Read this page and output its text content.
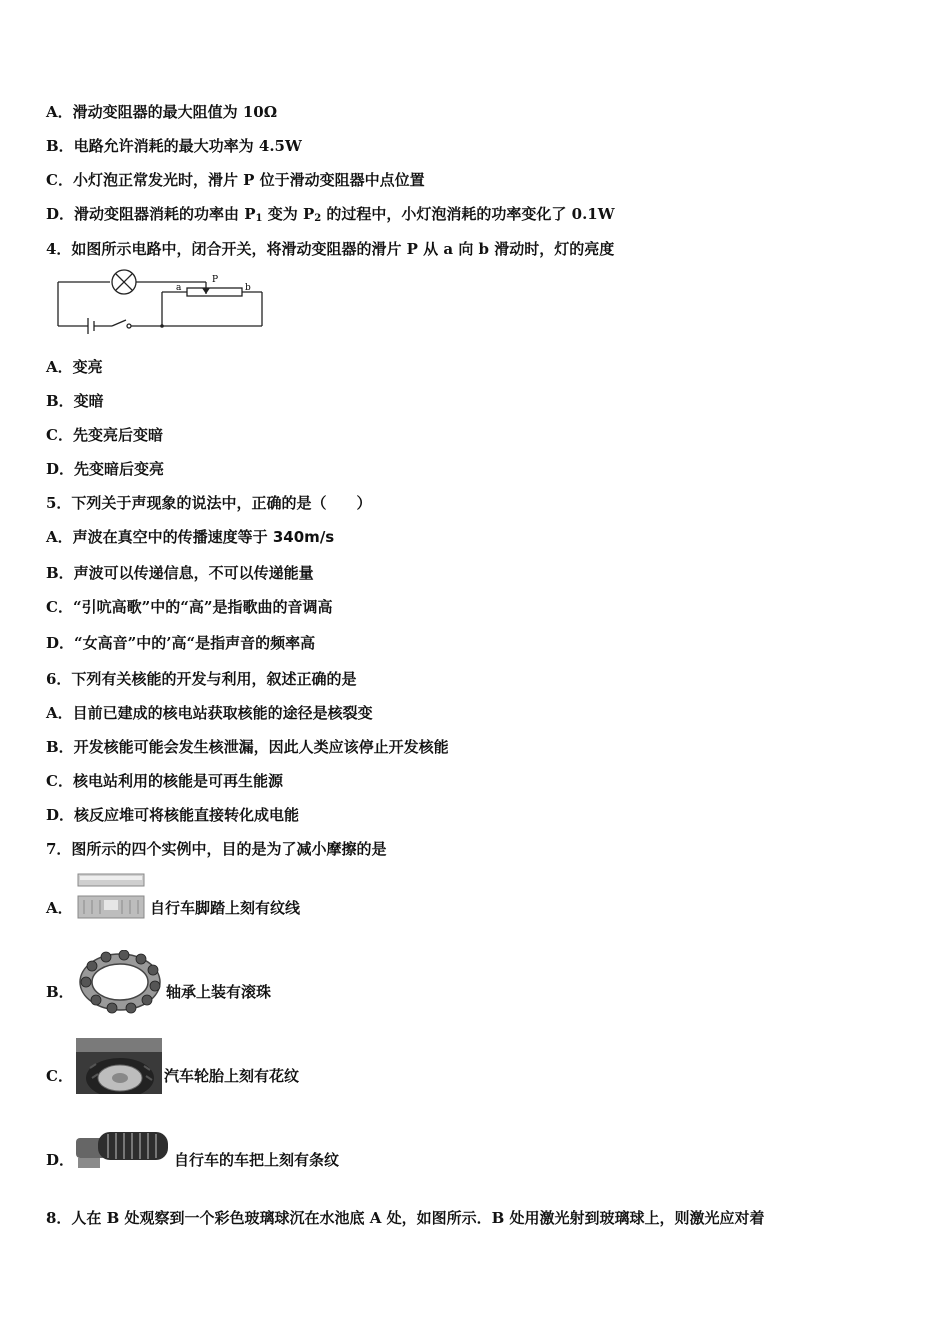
A．滑动变阻器的最大阻值为 10Ω
B．电路允许消耗的最大功率为 4.5W
C．小灯泡正常发光时，滑片 P 位于滑动变阻器中点位置
D．滑动变阻器消耗的功率由 $P_1$ 变为 $P_2$ 的过程中，小灯泡消耗的功率变化了 0.1W
4．如图所示电路中，闭合开关，将滑动变阻器的滑片 P 从 a 向 b 滑动时，灯的亮度
a
P
b
A．变亮
B．变暗
C．先变亮后变暗
D．先变暗后变亮
5．下列关于声现象的说法中，正确的是（　　）
A．声波在真空中的传播速度等于 340m/s
B．声波可以传递信息，不可以传递能量
C．“引吭高歌”中的“高”是指歌曲的音调高
D．“女高音”中的’高“是指声音的频率高
6．下列有关核能的开发与利用，叙述正确的是
A．目前已建成的核电站获取核能的途径是核裂变
B．开发核能可能会发生核泄漏，因此人类应该停止开发核能
C．核电站利用的核能是可再生能源
D．核反应堆可将核能直接转化成电能
7．图所示的四个实例中，目的是为了减小摩擦的是
A．	自行车脚踏上刻有纹线
B．	轴承上装有滚珠
C．	汽车轮胎上刻有花纹
D．	自行车的车把上刻有条纹
8．人在 B 处观察到一个彩色玻璃球沉在水池底 A 处，如图所示．B 处用激光射到玻璃球上，则激光应对着
